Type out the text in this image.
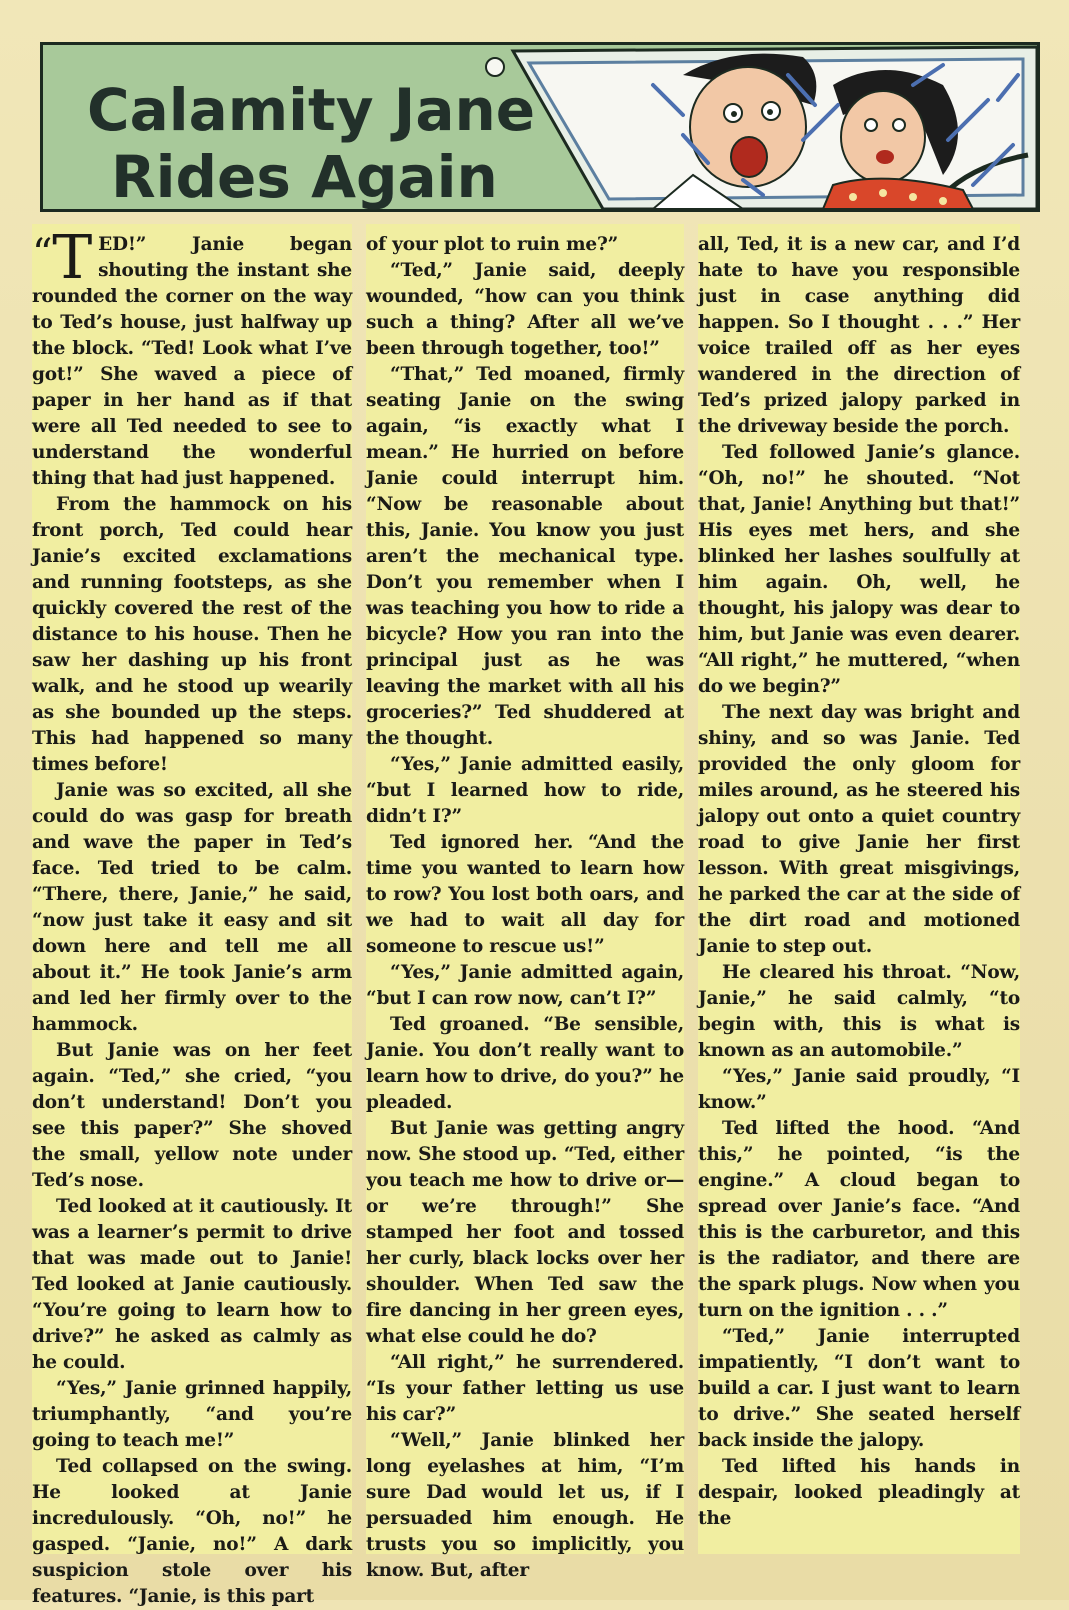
Calamity Jane
Rides Again

“T ED!” Janie began shouting the instant she rounded the corner on the way to Ted’s house, just halfway up the block. “Ted! Look what I’ve got!” She waved a piece of paper in her hand as if that were all Ted needed to see to understand the wonderful thing that had just happened.

From the hammock on his front porch, Ted could hear Janie’s excited exclamations and running footsteps, as she quickly covered the rest of the distance to his house. Then he saw her dashing up his front walk, and he stood up wearily as she bounded up the steps. This had happened so many times before!

Janie was so excited, all she could do was gasp for breath and wave the paper in Ted’s face. Ted tried to be calm. “There, there, Janie,” he said, “now just take it easy and sit down here and tell me all about it.” He took Janie’s arm and led her firmly over to the hammock.

But Janie was on her feet again. “Ted,” she cried, “you don’t understand! Don’t you see this paper?” She shoved the small, yellow note under Ted’s nose.

Ted looked at it cautiously. It was a learner’s permit to drive that was made out to Janie! Ted looked at Janie cautiously. “You’re going to learn how to drive?” he asked as calmly as he could.

“Yes,” Janie grinned happily, triumphantly, “and you’re going to teach me!”

Ted collapsed on the swing. He looked at Janie incredulously. “Oh, no!” he gasped. “Janie, no!” A dark suspicion stole over his features. “Janie, is this part

of your plot to ruin me?”

“Ted,” Janie said, deeply wounded, “how can you think such a thing? After all we’ve been through together, too!”

“That,” Ted moaned, firmly seating Janie on the swing again, “is exactly what I mean.” He hurried on before Janie could interrupt him. “Now be reasonable about this, Janie. You know you just aren’t the mechanical type. Don’t you remember when I was teaching you how to ride a bicycle? How you ran into the principal just as he was leaving the market with all his groceries?” Ted shuddered at the thought.

“Yes,” Janie admitted easily, “but I learned how to ride, didn’t I?”

Ted ignored her. “And the time you wanted to learn how to row? You lost both oars, and we had to wait all day for someone to rescue us!”

“Yes,” Janie admitted again, “but I can row now, can’t I?”

Ted groaned. “Be sensible, Janie. You don’t really want to learn how to drive, do you?” he pleaded.

But Janie was getting angry now. She stood up. “Ted, either you teach me how to drive or—or we’re through!” She stamped her foot and tossed her curly, black locks over her shoulder. When Ted saw the fire dancing in her green eyes, what else could he do?

“All right,” he surrendered. “Is your father letting us use his car?”

“Well,” Janie blinked her long eyelashes at him, “I’m sure Dad would let us, if I persuaded him enough. He trusts you so implicitly, you know. But, after

all, Ted, it is a new car, and I’d hate to have you responsible just in case anything did happen. So I thought . . .” Her voice trailed off as her eyes wandered in the direction of Ted’s prized jalopy parked in the driveway beside the porch.

Ted followed Janie’s glance. “Oh, no!” he shouted. “Not that, Janie! Anything but that!” His eyes met hers, and she blinked her lashes soulfully at him again. Oh, well, he thought, his jalopy was dear to him, but Janie was even dearer. “All right,” he muttered, “when do we begin?”

The next day was bright and shiny, and so was Janie. Ted provided the only gloom for miles around, as he steered his jalopy out onto a quiet country road to give Janie her first lesson. With great misgivings, he parked the car at the side of the dirt road and motioned Janie to step out.

He cleared his throat. “Now, Janie,” he said calmly, “to begin with, this is what is known as an automobile.”

“Yes,” Janie said proudly, “I know.”

Ted lifted the hood. “And this,” he pointed, “is the engine.” A cloud began to spread over Janie’s face. “And this is the carburetor, and this is the radiator, and there are the spark plugs. Now when you turn on the ignition . . .”

“Ted,” Janie interrupted impatiently, “I don’t want to build a car. I just want to learn to drive.” She seated herself back inside the jalopy.

Ted lifted his hands in despair, looked pleadingly at the
